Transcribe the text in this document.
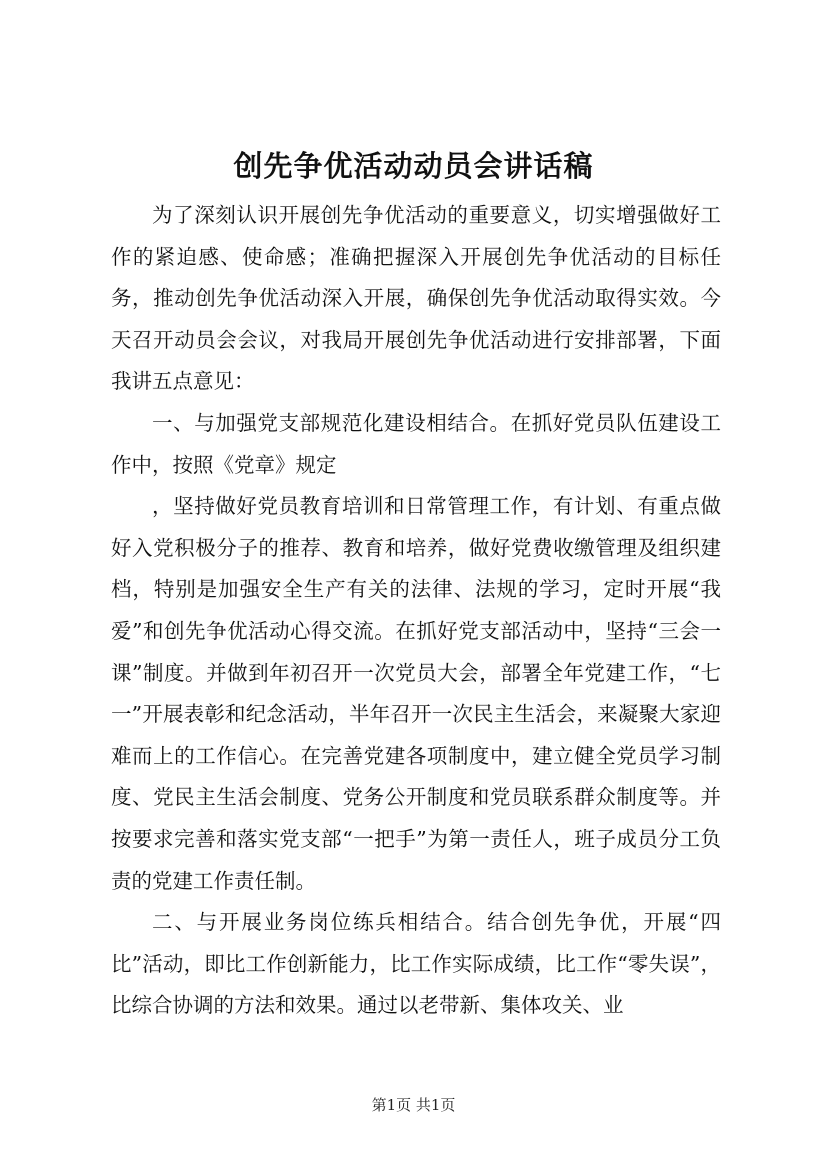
创先争优活动动员会讲话稿

为了深刻认识开展创先争优活动的重要意义，切实增强做好工作的紧迫感、使命感；准确把握深入开展创先争优活动的目标任务，推动创先争优活动深入开展，确保创先争优活动取得实效。今天召开动员会会议，对我局开展创先争优活动进行安排部署，下面我讲五点意见：

一、与加强党支部规范化建设相结合。在抓好党员队伍建设工作中，按照《党章》规定

，坚持做好党员教育培训和日常管理工作，有计划、有重点做好入党积极分子的推荐、教育和培养，做好党费收缴管理及组织建档，特别是加强安全生产有关的法律、法规的学习，定时开展“我爱”和创先争优活动心得交流。在抓好党支部活动中，坚持“三会一课”制度。并做到年初召开一次党员大会，部署全年党建工作，“七一”开展表彰和纪念活动，半年召开一次民主生活会，来凝聚大家迎难而上的工作信心。在完善党建各项制度中，建立健全党员学习制度、党民主生活会制度、党务公开制度和党员联系群众制度等。并按要求完善和落实党支部“一把手”为第一责任人，班子成员分工负责的党建工作责任制。

二、与开展业务岗位练兵相结合。结合创先争优，开展“四比”活动，即比工作创新能力，比工作实际成绩，比工作“零失误”，比综合协调的方法和效果。通过以老带新、集体攻关、业

第1页 共1页
